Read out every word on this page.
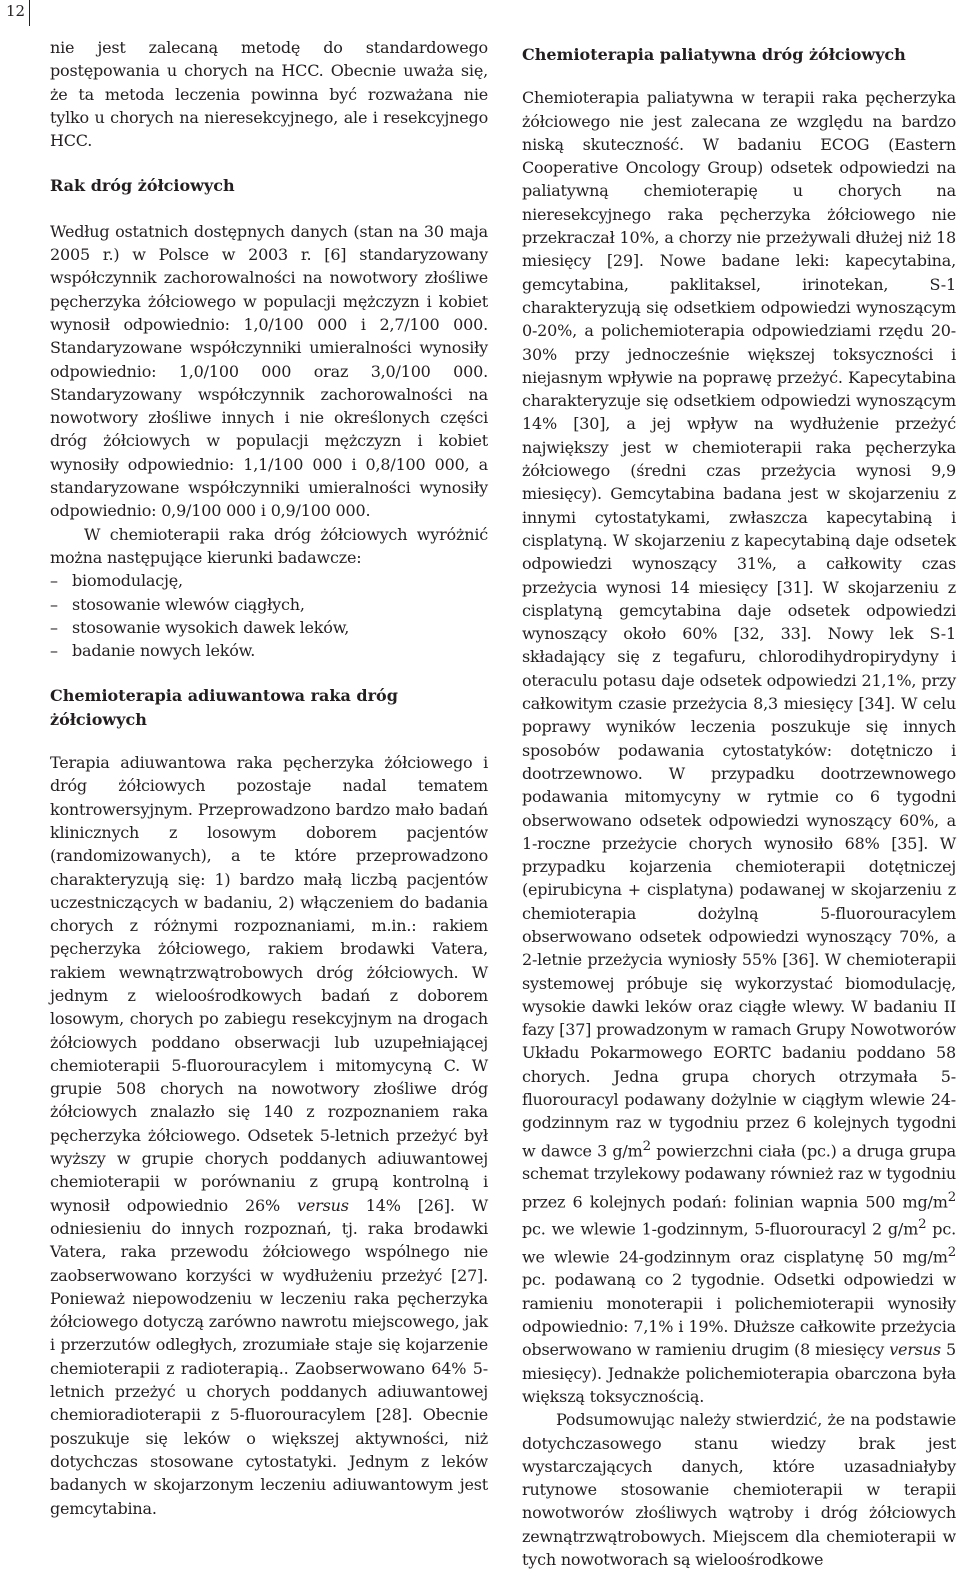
12

nie jest zalecaną metodę do standardowego postępowania u chorych na HCC. Obecnie uważa się, że ta metoda leczenia powinna być rozważana nie tylko u chorych na nieresekcyjnego, ale i resekcyjnego HCC.

Rak dróg żółciowych

Według ostatnich dostępnych danych (stan na 30 maja 2005 r.) w Polsce w 2003 r. [6] standaryzowany współczynnik zachorowalności na nowotwory złośliwe pęcherzyka żółciowego w populacji mężczyzn i kobiet wynosił odpowiednio: 1,0/100 000 i 2,7/100 000. Standaryzowane współczynniki umieralności wynosiły odpowiednio: 1,0/100 000 oraz 3,0/100 000. Standaryzowany współczynnik zachorowalności na nowotwory złośliwe innych i nie określonych części dróg żółciowych w populacji mężczyzn i kobiet wynosiły odpowiednio: 1,1/100 000 i 0,8/100 000, a standaryzowane współczynniki umieralności wynosiły odpowiednio: 0,9/100 000 i 0,9/100 000.

W chemioterapii raka dróg żółciowych wyróżnić można następujące kierunki badawcze:

– biomodulację,
– stosowanie wlewów ciągłych,
– stosowanie wysokich dawek leków,
– badanie nowych leków.
Chemioterapia adiuwantowa raka dróg żółciowych

Terapia adiuwantowa raka pęcherzyka żółciowego i dróg żółciowych pozostaje nadal tematem kontrowersyjnym. Przeprowadzono bardzo mało badań klinicznych z losowym doborem pacjentów (randomizowanych), a te które przeprowadzono charakteryzują się: 1) bardzo małą liczbą pacjentów uczestniczących w badaniu, 2) włączeniem do badania chorych z różnymi rozpoznaniami, m.in.: rakiem pęcherzyka żółciowego, rakiem brodawki Vatera, rakiem wewnątrzwątrobowych dróg żółciowych. W jednym z wieloośrodkowych badań z doborem losowym, chorych po zabiegu resekcyjnym na drogach żółciowych poddano obserwacji lub uzupełniającej chemioterapii 5-fluorouracylem i mitomycyną C. W grupie 508 chorych na nowotwory złośliwe dróg żółciowych znalazło się 140 z rozpoznaniem raka pęcherzyka żółciowego. Odsetek 5-letnich przeżyć był wyższy w grupie chorych poddanych adiuwantowej chemioterapii w porównaniu z grupą kontrolną i wynosił odpowiednio 26% versus 14% [26]. W odniesieniu do innych rozpoznań, tj. raka brodawki Vatera, raka przewodu żółciowego wspólnego nie zaobserwowano korzyści w wydłużeniu przeżyć [27]. Ponieważ niepowodzeniu w leczeniu raka pęcherzyka żółciowego dotyczą zarówno nawrotu miejscowego, jak i przerzutów odległych, zrozumiałe staje się kojarzenie chemioterapii z radioterapią.. Zaobserwowano 64% 5-letnich przeżyć u chorych poddanych adiuwantowej chemioradioterapii z 5-fluorouracylem [28]. Obecnie poszukuje się leków o większej aktywności, niż dotychczas stosowane cytostatyki. Jednym z leków badanych w skojarzonym leczeniu adiuwantowym jest gemcytabina.

Chemioterapia paliatywna dróg żółciowych

Chemioterapia paliatywna w terapii raka pęcherzyka żółciowego nie jest zalecana ze względu na bardzo niską skuteczność. W badaniu ECOG (Eastern Cooperative Oncology Group) odsetek odpowiedzi na paliatywną chemioterapię u chorych na nieresekcyjnego raka pęcherzyka żółciowego nie przekraczał 10%, a chorzy nie przeżywali dłużej niż 18 miesięcy [29]. Nowe badane leki: kapecytabina, gemcytabina, paklitaksel, irinotekan, S-1 charakteryzują się odsetkiem odpowiedzi wynoszącym 0-20%, a polichemioterapia odpowiedziami rzędu 20-30% przy jednocześnie większej toksyczności i niejasnym wpływie na poprawę przeżyć. Kapecytabina charakteryzuje się odsetkiem odpowiedzi wynoszącym 14% [30], a jej wpływ na wydłużenie przeżyć największy jest w chemioterapii raka pęcherzyka żółciowego (średni czas przeżycia wynosi 9,9 miesięcy). Gemcytabina badana jest w skojarzeniu z innymi cytostatykami, zwłaszcza kapecytabiną i cisplatyną. W skojarzeniu z kapecytabiną daje odsetek odpowiedzi wynoszący 31%, a całkowity czas przeżycia wynosi 14 miesięcy [31]. W skojarzeniu z cisplatyną gemcytabina daje odsetek odpowiedzi wynoszący około 60% [32, 33]. Nowy lek S-1 składający się z tegafuru, chlorodihydropirydyny i oteraculu potasu daje odsetek odpowiedzi 21,1%, przy całkowitym czasie przeżycia 8,3 miesięcy [34]. W celu poprawy wyników leczenia poszukuje się innych sposobów podawania cytostatyków: dotętniczo i dootrzewnowo. W przypadku dootrzewnowego podawania mitomycyny w rytmie co 6 tygodni obserwowano odsetek odpowiedzi wynoszący 60%, a 1-roczne przeżycie chorych wynosiło 68% [35]. W przypadku kojarzenia chemioterapii dotętniczej (epirubicyna + cisplatyna) podawanej w skojarzeniu z chemioterapia dożylną 5-fluorouracylem obserwowano odsetek odpowiedzi wynoszący 70%, a 2-letnie przeżycia wyniosły 55% [36]. W chemioterapii systemowej próbuje się wykorzystać biomodulację, wysokie dawki leków oraz ciągłe wlewy. W badaniu II fazy [37] prowadzonym w ramach Grupy Nowotworów Układu Pokarmowego EORTC badaniu poddano 58 chorych. Jedna grupa chorych otrzymała 5-fluorouracyl podawany dożylnie w ciągłym wlewie 24-godzinnym raz w tygodniu przez 6 kolejnych tygodni w dawce 3 $g/m^2$ powierzchni ciała (pc.) a druga grupa schemat trzylekowy podawany również raz w tygodniu przez 6 kolejnych podań: folinian wapnia 500 $mg/m^2$ pc. we wlewie 1-godzinnym, 5-fluorouracyl 2 $g/m^2$ pc. we wlewie 24-godzinnym oraz cisplatynę 50 $mg/m^2$ pc. podawaną co 2 tygodnie. Odsetki odpowiedzi w ramieniu monoterapii i polichemioterapii wynosiły odpowiednio: 7,1% i 19%. Dłuższe całkowite przeżycia obserwowano w ramieniu drugim (8 miesięcy versus 5 miesięcy). Jednakże polichemioterapia obarczona była większą toksycznością.

Podsumowując należy stwierdzić, że na podstawie dotychczasowego stanu wiedzy brak jest wystarczających danych, które uzasadniałyby rutynowe stosowanie chemioterapii w terapii nowotworów złośliwych wątroby i dróg żółciowych zewnątrzwątrobowych. Miejscem dla chemioterapii w tych nowotworach są wieloośrodkowe
